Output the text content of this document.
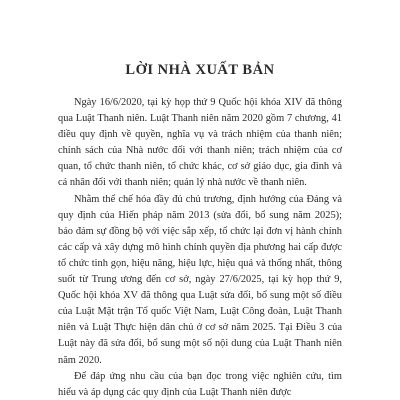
LỜI NHÀ XUẤT BẢN

Ngày 16/6/2020, tại kỳ họp thứ 9 Quốc hội khóa XIV đã thông qua Luật Thanh niên. Luật Thanh niên năm 2020 gồm 7 chương, 41 điều quy định về quyền, nghĩa vụ và trách nhiệm của thanh niên; chính sách của Nhà nước đối với thanh niên; trách nhiệm của cơ quan, tổ chức thanh niên, tổ chức khác, cơ sở giáo dục, gia đình và cá nhân đối với thanh niên; quản lý nhà nước về thanh niên.

Nhằm thể chế hóa đầy đủ chủ trương, định hướng của Đảng và quy định của Hiến pháp năm 2013 (sửa đổi, bổ sung năm 2025); bảo đảm sự đồng bộ với việc sắp xếp, tổ chức lại đơn vị hành chính các cấp và xây dựng mô hình chính quyền địa phương hai cấp được tổ chức tinh gọn, hiệu năng, hiệu lực, hiệu quả và thống nhất, thông suốt từ Trung ương đến cơ sở, ngày 27/6/2025, tại kỳ họp thứ 9, Quốc hội khóa XV đã thông qua Luật sửa đổi, bổ sung một số điều của Luật Mặt trận Tổ quốc Việt Nam, Luật Công đoàn, Luật Thanh niên và Luật Thực hiện dân chủ ở cơ sở năm 2025. Tại Điều 3 của Luật này đã sửa đổi, bổ sung một số nội dung của Luật Thanh niên năm 2020.

Để đáp ứng nhu cầu của bạn đọc trong việc nghiên cứu, tìm hiểu và áp dụng các quy định của Luật Thanh niên được
